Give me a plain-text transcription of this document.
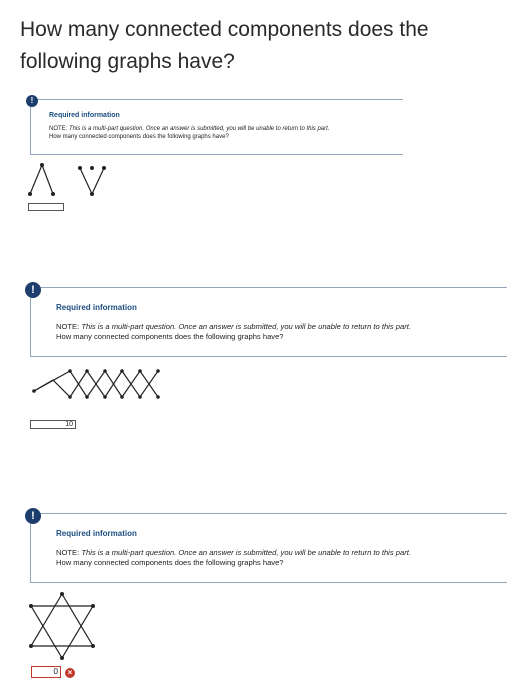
How many connected components does the following graphs have?
!
Required information
NOTE: This is a multi-part question. Once an answer is submitted, you will be unable to return to this part.
How many connected components does the following graphs have?
!
Required information
NOTE: This is a multi-part question. Once an answer is submitted, you will be unable to return to this part.
How many connected components does the following graphs have?
10
!
Required information
NOTE: This is a multi-part question. Once an answer is submitted, you will be unable to return to this part.
How many connected components does the following graphs have?
0	×
